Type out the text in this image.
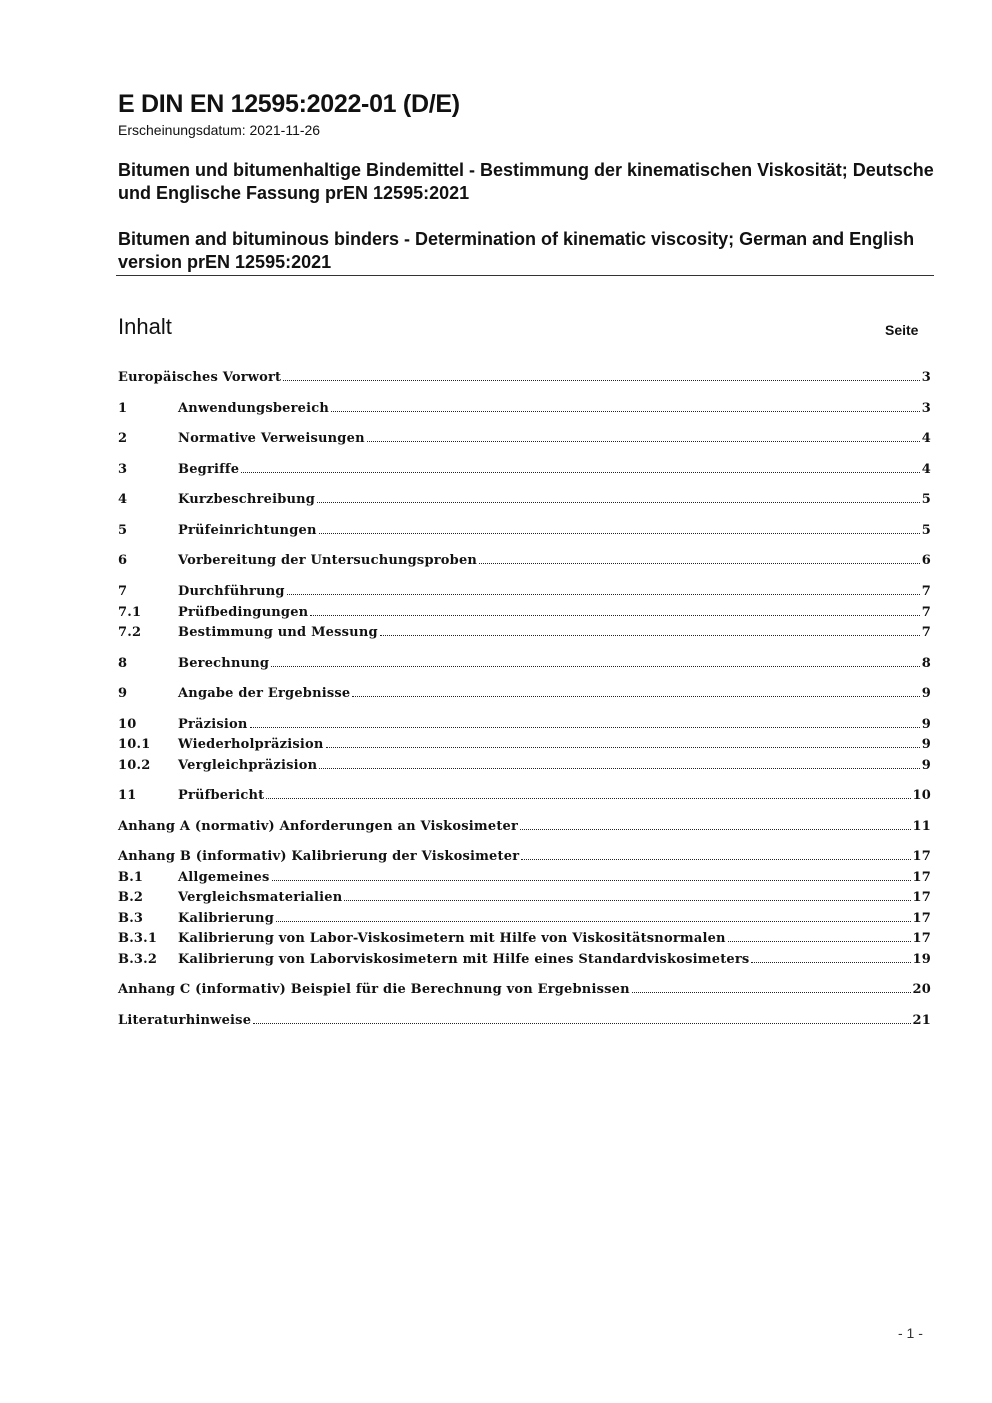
E DIN EN 12595:2022-01 (D/E)
Erscheinungsdatum: 2021-11-26
Bitumen und bitumenhaltige Bindemittel - Bestimmung der kinematischen Viskosität; Deutsche und Englische Fassung prEN 12595:2021
Bitumen and bituminous binders - Determination of kinematic viscosity; German and English version prEN 12595:2021
Inhalt	Seite
Europäisches Vorwort	3
1	Anwendungsbereich	3
2	Normative Verweisungen	4
3	Begriffe	4
4	Kurzbeschreibung	5
5	Prüfeinrichtungen	5
6	Vorbereitung der Untersuchungsproben	6
7	Durchführung	7
7.1	Prüfbedingungen	7
7.2	Bestimmung und Messung	7
8	Berechnung	8
9	Angabe der Ergebnisse	9
10	Präzision	9
10.1	Wiederholpräzision	9
10.2	Vergleichpräzision	9
11	Prüfbericht	10
Anhang A (normativ) Anforderungen an Viskosimeter	11
Anhang B (informativ) Kalibrierung der Viskosimeter	17
B.1	Allgemeines	17
B.2	Vergleichsmaterialien	17
B.3	Kalibrierung	17
B.3.1	Kalibrierung von Labor-Viskosimetern mit Hilfe von Viskositätsnormalen	17
B.3.2	Kalibrierung von Laborviskosimetern mit Hilfe eines Standardviskosimeters	19
Anhang C (informativ) Beispiel für die Berechnung von Ergebnissen	20
Literaturhinweise	21
- 1 -
